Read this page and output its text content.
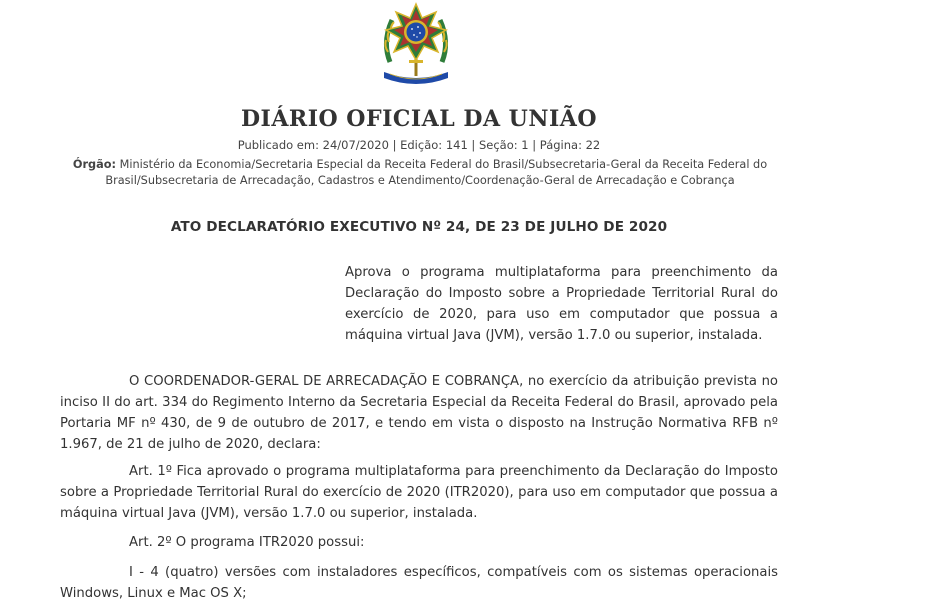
DIÁRIO OFICIAL DA UNIÃO
Publicado em: 24/07/2020 | Edição: 141 | Seção: 1 | Página: 22
Órgão: Ministério da Economia/Secretaria Especial da Receita Federal do Brasil/Subsecretaria-Geral da Receita Federal do Brasil/Subsecretaria de Arrecadação, Cadastros e Atendimento/Coordenação-Geral de Arrecadação e Cobrança
ATO DECLARATÓRIO EXECUTIVO Nº 24, DE 23 DE JULHO DE 2020

Aprova o programa multiplataforma para preenchimento da Declaração do Imposto sobre a Propriedade Territorial Rural do exercício de 2020, para uso em computador que possua a máquina virtual Java (JVM), versão 1.7.0 ou superior, instalada.

O COORDENADOR-GERAL DE ARRECADAÇÃO E COBRANÇA, no exercício da atribuição prevista no inciso II do art. 334 do Regimento Interno da Secretaria Especial da Receita Federal do Brasil, aprovado pela Portaria MF nº 430, de 9 de outubro de 2017, e tendo em vista o disposto na Instrução Normativa RFB nº 1.967, de 21 de julho de 2020, declara:

Art. 1º Fica aprovado o programa multiplataforma para preenchimento da Declaração do Imposto sobre a Propriedade Territorial Rural do exercício de 2020 (ITR2020), para uso em computador que possua a máquina virtual Java (JVM), versão 1.7.0 ou superior, instalada.

Art. 2º O programa ITR2020 possui:

I - 4 (quatro) versões com instaladores específicos, compatíveis com os sistemas operacionais Windows, Linux e Mac OS X;
